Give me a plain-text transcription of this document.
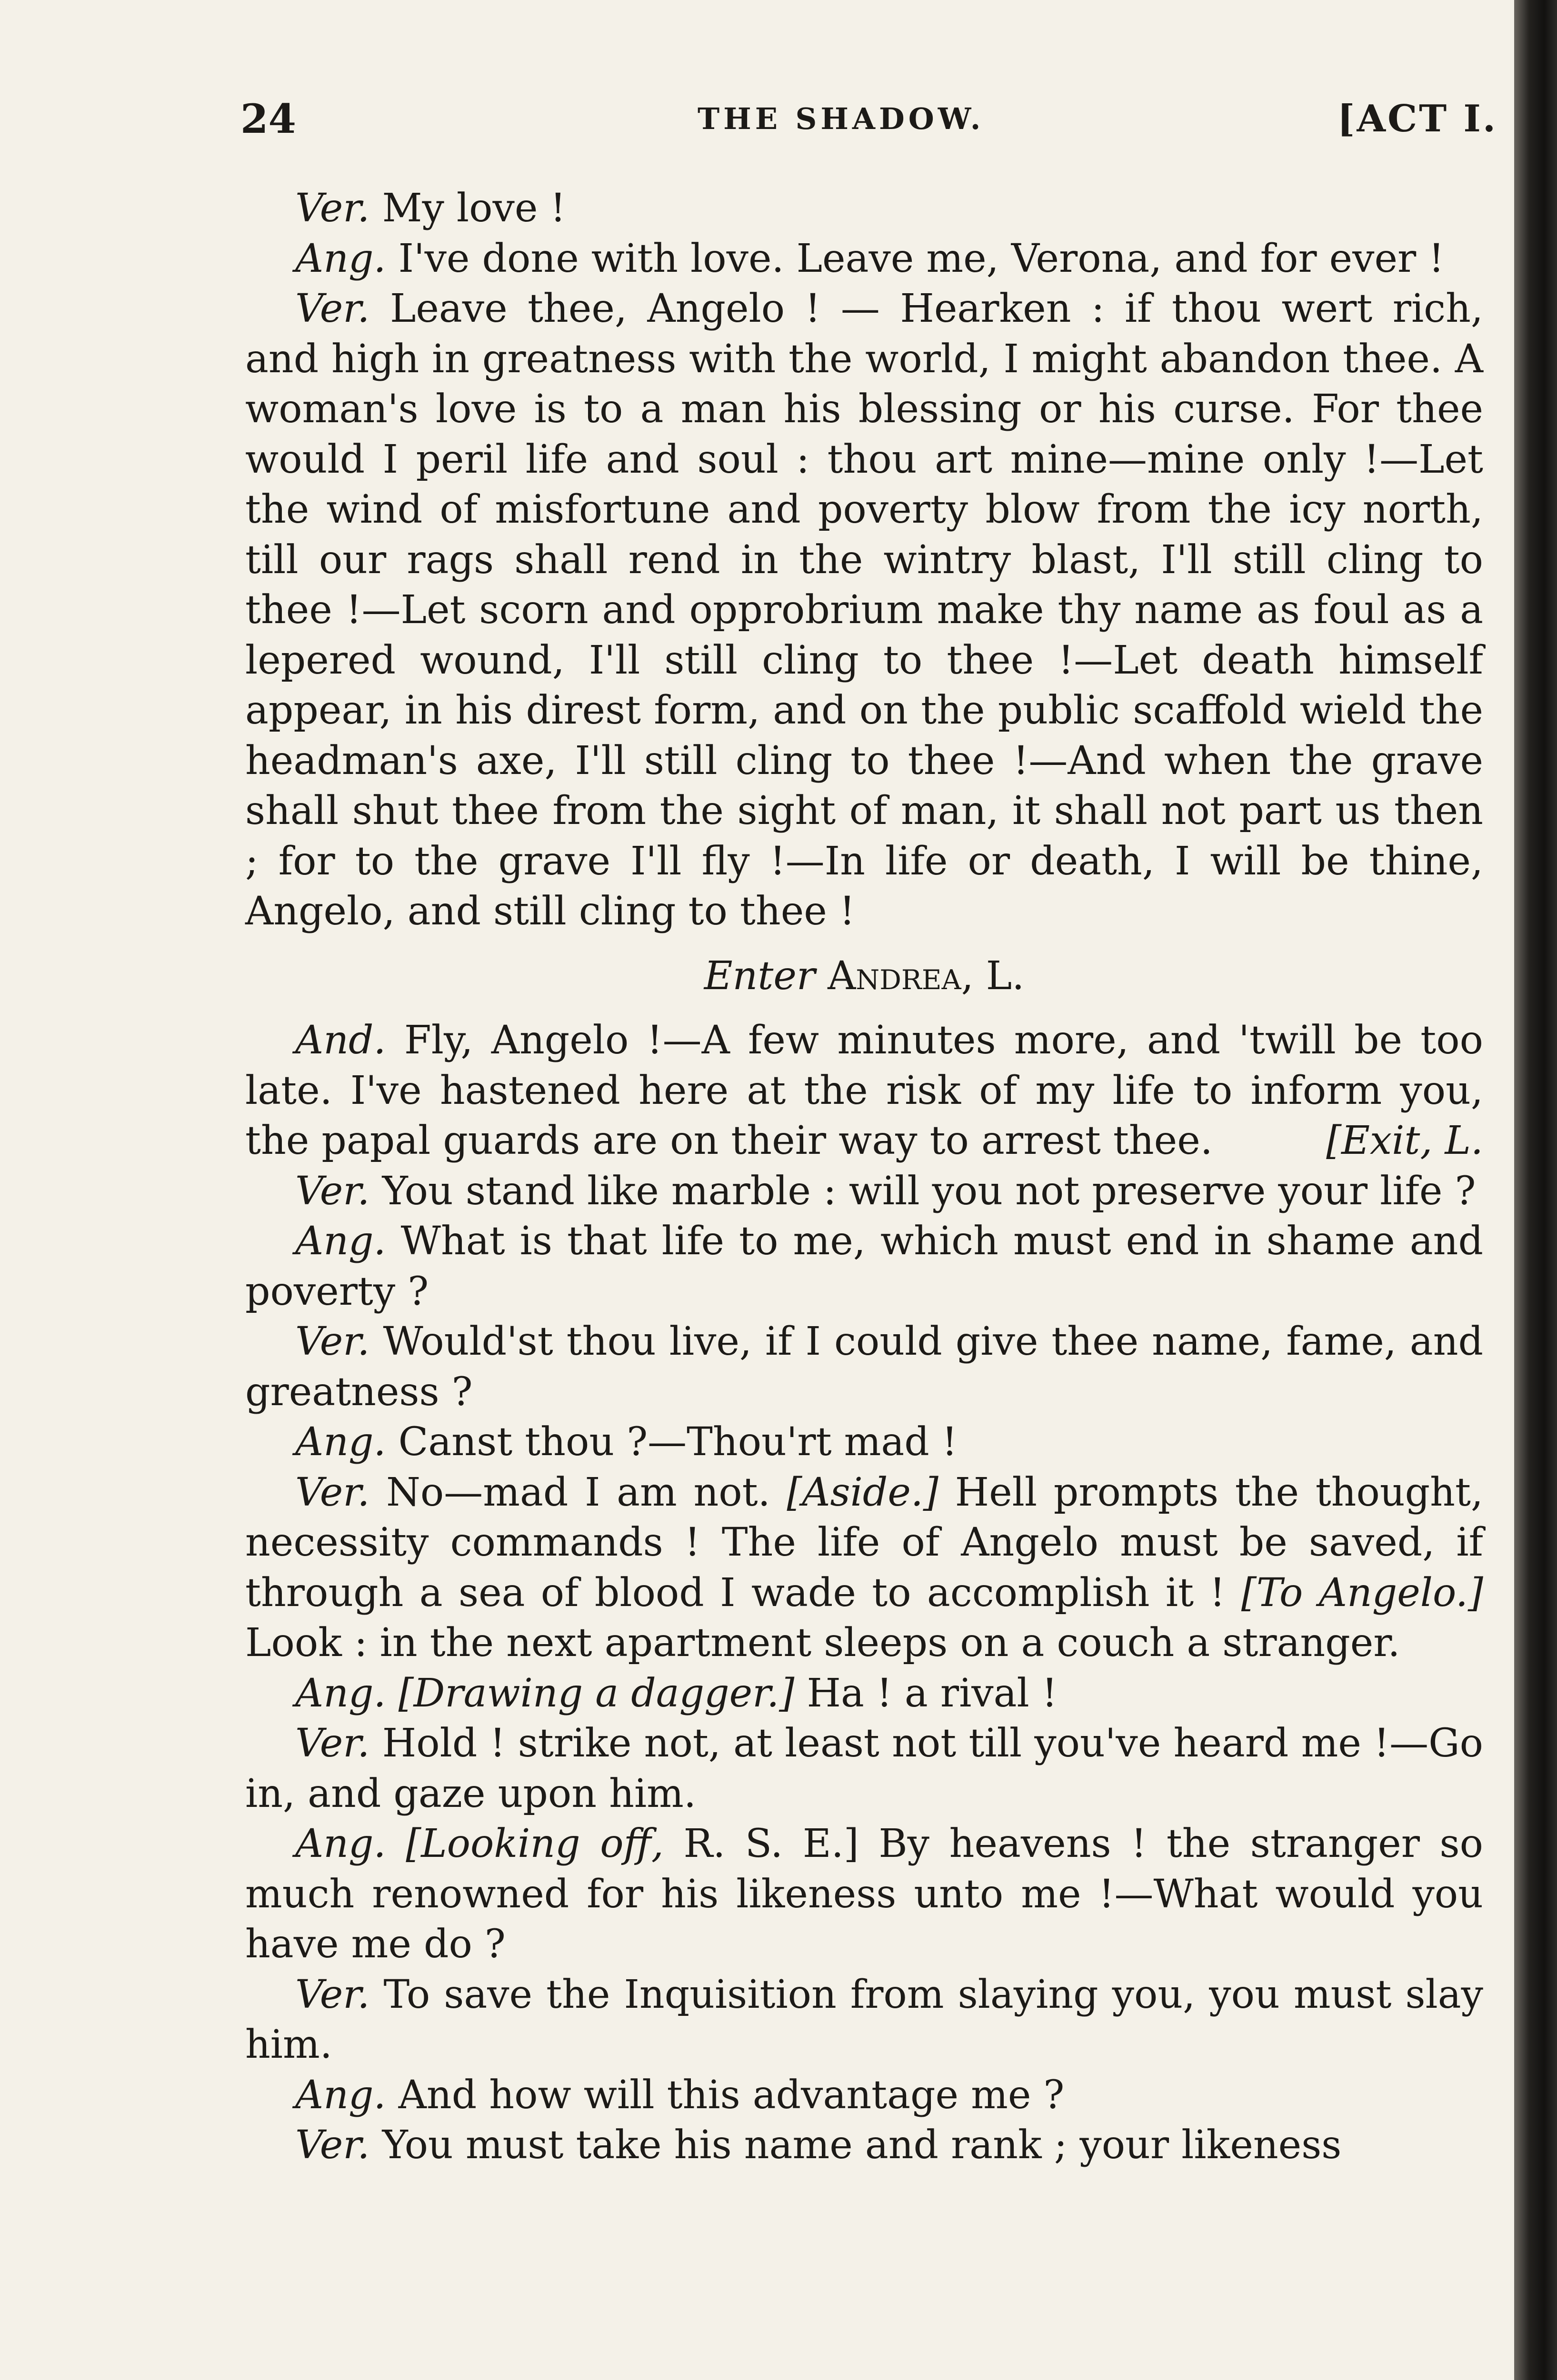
24	THE SHADOW.	[ACT I.

Ver. My love !

Ang. I've done with love. Leave me, Verona, and for ever !

Ver. Leave thee, Angelo ! — Hearken : if thou wert rich, and high in greatness with the world, I might abandon thee. A woman's love is to a man his blessing or his curse. For thee would I peril life and soul : thou art mine—mine only !—Let the wind of misfortune and poverty blow from the icy north, till our rags shall rend in the wintry blast, I'll still cling to thee !—Let scorn and opprobrium make thy name as foul as a lepered wound, I'll still cling to thee !—Let death himself appear, in his direst form, and on the public scaffold wield the headman's axe, I'll still cling to thee !—And when the grave shall shut thee from the sight of man, it shall not part us then ; for to the grave I'll fly !—In life or death, I will be thine, Angelo, and still cling to thee !

Enter Andrea, L.

And. Fly, Angelo !—A few minutes more, and 'twill be too late. I've hastened here at the risk of my life to inform you, the papal guards are on their way to arrest thee.	[Exit, L.

Ver. You stand like marble : will you not preserve your life ?

Ang. What is that life to me, which must end in shame and poverty ?

Ver. Would'st thou live, if I could give thee name, fame, and greatness ?

Ang. Canst thou ?—Thou'rt mad !

Ver. No—mad I am not. [Aside.] Hell prompts the thought, necessity commands ! The life of Angelo must be saved, if through a sea of blood I wade to accomplish it ! [To Angelo.] Look : in the next apartment sleeps on a couch a stranger.

Ang. [Drawing a dagger.] Ha ! a rival !

Ver. Hold ! strike not, at least not till you've heard me !—Go in, and gaze upon him.

Ang. [Looking off, R. S. E.] By heavens ! the stranger so much renowned for his likeness unto me !—What would you have me do ?

Ver. To save the Inquisition from slaying you, you must slay him.

Ang. And how will this advantage me ?

Ver. You must take his name and rank ; your likeness
